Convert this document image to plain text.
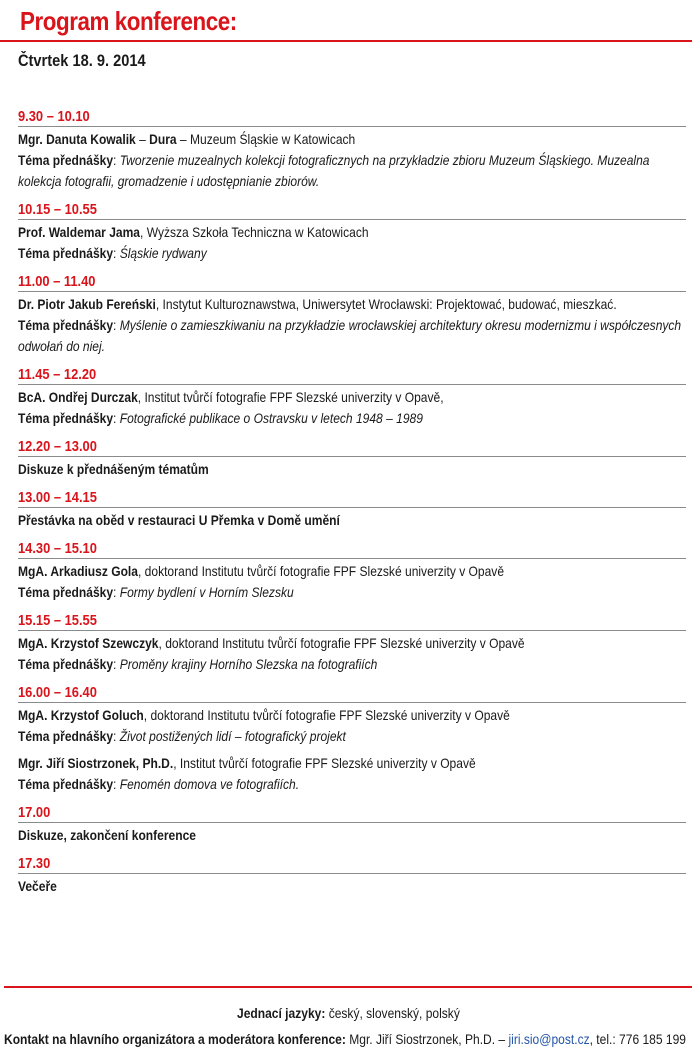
Program konference:
Čtvrtek 18. 9. 2014
9.30 – 10.10
Mgr. Danuta Kowalik – Dura – Muzeum Śląskie w Katowicach
Téma přednášky: Tworzenie muzealnych kolekcji fotograficznych na przykładzie zbioru Muzeum Śląskiego. Muzealna kolekcja fotografii, gromadzenie i udostępnianie zbiorów.
10.15 – 10.55
Prof. Waldemar Jama, Wyższa Szkoła Techniczna w Katowicach
Téma přednášky: Śląskie rydwany
11.00 – 11.40
Dr. Piotr Jakub Fereński, Instytut Kulturoznawstwa, Uniwersytet Wrocławski: Projektować, budować, mieszkać.
Téma přednášky: Myślenie o zamieszkiwaniu na przykładzie wrocławskiej architektury okresu modernizmu i współczesnych odwołań do niej.
11.45 – 12.20
BcA. Ondřej Durczak, Institut tvůrčí fotografie FPF Slezské univerzity v Opavě,
Téma přednášky: Fotografické publikace o Ostravsku v letech 1948 – 1989
12.20 – 13.00
Diskuze k přednášeným tématům
13.00 – 14.15
Přestávka na oběd v restauraci U Přemka v Domě umění
14.30 – 15.10
MgA. Arkadiusz Gola, doktorand Institutu tvůrčí fotografie FPF Slezské univerzity v Opavě
Téma přednášky: Formy bydlení v Horním Slezsku
15.15 – 15.55
MgA. Krzystof Szewczyk, doktorand Institutu tvůrčí fotografie FPF Slezské univerzity v Opavě
Téma přednášky: Proměny krajiny Horního Slezska na fotografiích
16.00 – 16.40
MgA. Krzystof Goluch, doktorand Institutu tvůrčí fotografie FPF Slezské univerzity v Opavě
Téma přednášky: Život postižených lidí – fotografický projekt
Mgr. Jiří Siostrzonek, Ph.D., Institut tvůrčí fotografie FPF Slezské univerzity v Opavě
Téma přednášky: Fenomén domova ve fotografiích.
17.00
Diskuze, zakončení konference
17.30
Večeře
Jednací jazyky: český, slovenský, polský
Kontakt na hlavního organizátora a moderátora konference: Mgr. Jiří Siostrzonek, Ph.D. – jiri.sio@post.cz, tel.: 776 185 199
